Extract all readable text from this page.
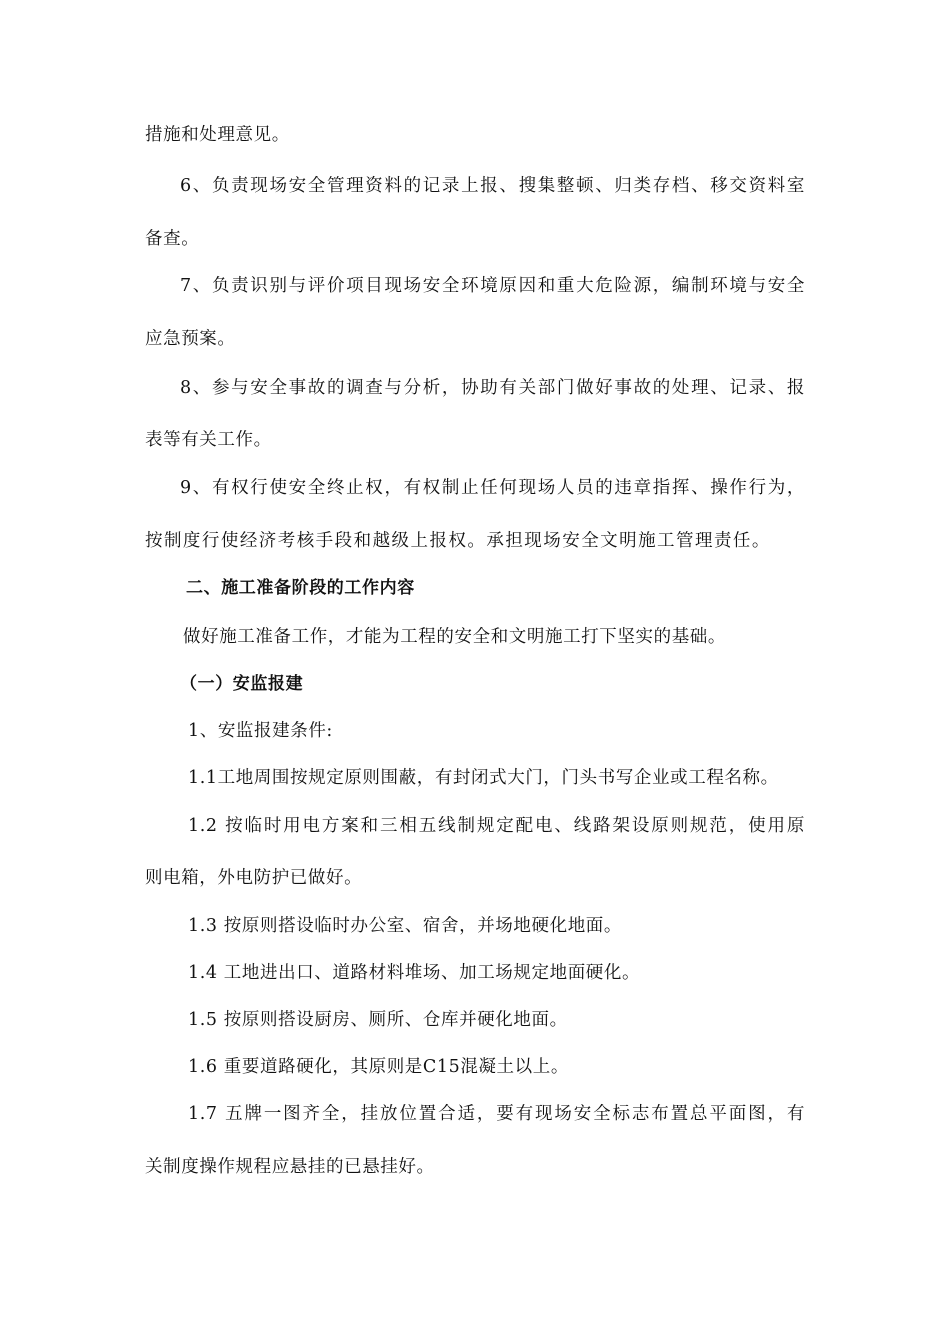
措施和处理意见。
6、负责现场安全管理资料的记录上报、搜集整顿、归类存档、移交资料室
备查。
7、负责识别与评价项目现场安全环境原因和重大危险源，编制环境与安全
应急预案。
8、参与安全事故的调查与分析，协助有关部门做好事故的处理、记录、报
表等有关工作。
9、有权行使安全终止权，有权制止任何现场人员的违章指挥、操作行为，
按制度行使经济考核手段和越级上报权。承担现场安全文明施工管理责任。
二、施工准备阶段的工作内容
做好施工准备工作，才能为工程的安全和文明施工打下坚实的基础。
（一）安监报建
1、安监报建条件:
1.1工地周围按规定原则围蔽，有封闭式大门，门头书写企业或工程名称。
1.2 按临时用电方案和三相五线制规定配电、线路架设原则规范，使用原
则电箱，外电防护已做好。
1.3 按原则搭设临时办公室、宿舍，并场地硬化地面。
1.4 工地进出口、道路材料堆场、加工场规定地面硬化。
1.5 按原则搭设厨房、厕所、仓库并硬化地面。
1.6 重要道路硬化，其原则是C15混凝土以上。
1.7 五牌一图齐全，挂放位置合适，要有现场安全标志布置总平面图，有
关制度操作规程应悬挂的已悬挂好。
